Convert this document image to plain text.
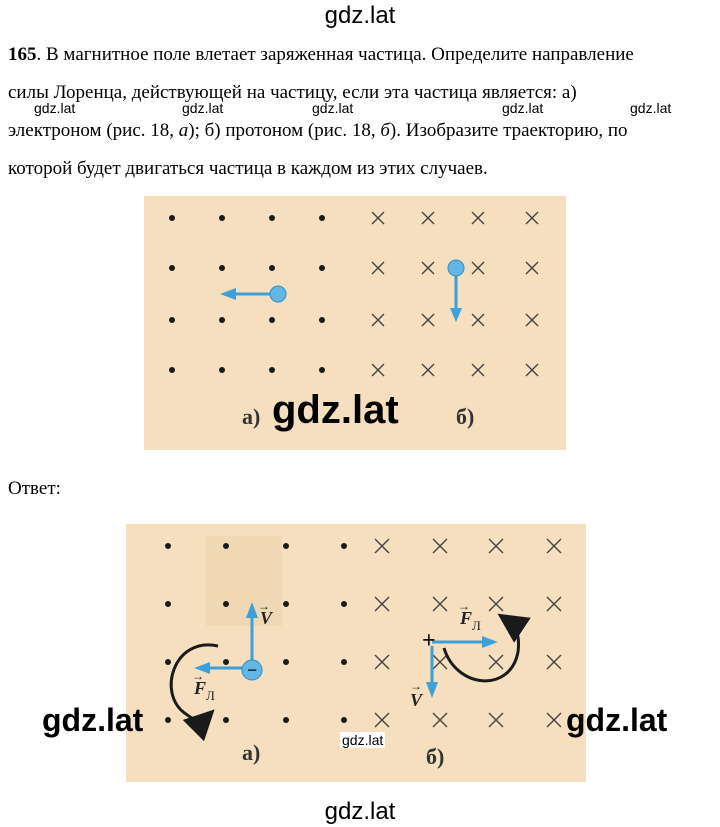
gdz.lat

165. В магнитное поле влетает заряженная частица. Определите направление

силы Лоренца, действующей на частицу, если эта частица является: а)

электроном (рис. 18, а); б) протоном (рис. 18, б). Изобразите траекторию, по

которой будет двигаться частица в каждом из этих случаев.

gdz.lat	gdz.lat	gdz.lat	gdz.lat	gdz.lat
а)	б)
gdz.lat
Ответ:
−
V
→
F Л
→
+
F Л
→
V
→
а)	б)
gdz.lat	gdz.lat
gdz.lat
gdz.lat
